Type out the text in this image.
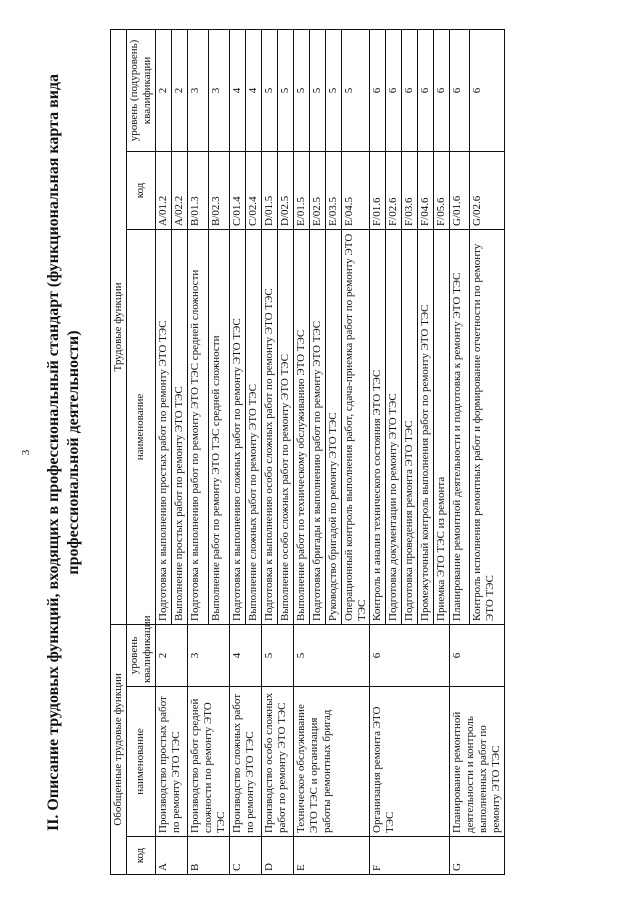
3 II. Описание трудовых функций, входящих в профессиональный стандарт (функциональная карта вида профессиональной деятельности)
Обобщенные трудовые функции			Трудовые функции		
код	наименование	уровень квалификации	наименование	код	уровень (подуровень) квалификации
A	Производство простых работ по ремонту ЭТО ТЭС	2	Подготовка к выполнению простых работ по ремонту ЭТО ТЭС	A/01.2	2
			Выполнение простых работ по ремонту ЭТО ТЭС	A/02.2	2
B	Производство работ средней сложности по ремонту ЭТО ТЭС	3	Подготовка к выполнению работ по ремонту ЭТО ТЭС средней сложности	B/01.3	3
			Выполнение работ по ремонту ЭТО ТЭС средней сложности	B/02.3	3
C	Производство сложных работ по ремонту ЭТО ТЭС	4	Подготовка к выполнению сложных работ по ремонту ЭТО ТЭС	C/01.4	4
			Выполнение сложных работ по ремонту ЭТО ТЭС	C/02.4	4
D	Производство особо сложных работ по ремонту ЭТО ТЭС	5	Подготовка к выполнению особо сложных работ по ремонту ЭТО ТЭС	D/01.5	5
			Выполнение особо сложных работ по ремонту ЭТО ТЭС	D/02.5	5
E	Техническое обслуживание ЭТО ТЭС и организация работы ремонтных бригад	5	Выполнение работ по техническому обслуживанию ЭТО ТЭС	E/01.5	5
			Подготовка бригады к выполнению работ по ремонту ЭТО ТЭС	E/02.5	5
			Руководство бригадой по ремонту ЭТО ТЭС	E/03.5	5
			Операционный контроль выполнения работ, сдача-приемка работ по ремонту ЭТО ТЭС	E/04.5	5
F	Организация ремонта ЭТО ТЭС	6	Контроль и анализ технического состояния ЭТО ТЭС	F/01.6	6
			Подготовка документации по ремонту ЭТО ТЭС	F/02.6	6
			Подготовка проведения ремонта ЭТО ТЭС	F/03.6	6
			Промежуточный контроль выполнения работ по ремонту ЭТО ТЭС	F/04.6	6
			Приемка ЭТО ТЭС из ремонта	F/05.6	6
G	Планирование ремонтной деятельности и контроль выполненных работ по ремонту ЭТО ТЭС	6	Планирование ремонтной деятельности и подготовка к ремонту ЭТО ТЭС	G/01.6	6
			Контроль исполнения ремонтных работ и формирование отчетности по ремонту ЭТО ТЭС	G/02.6	6
